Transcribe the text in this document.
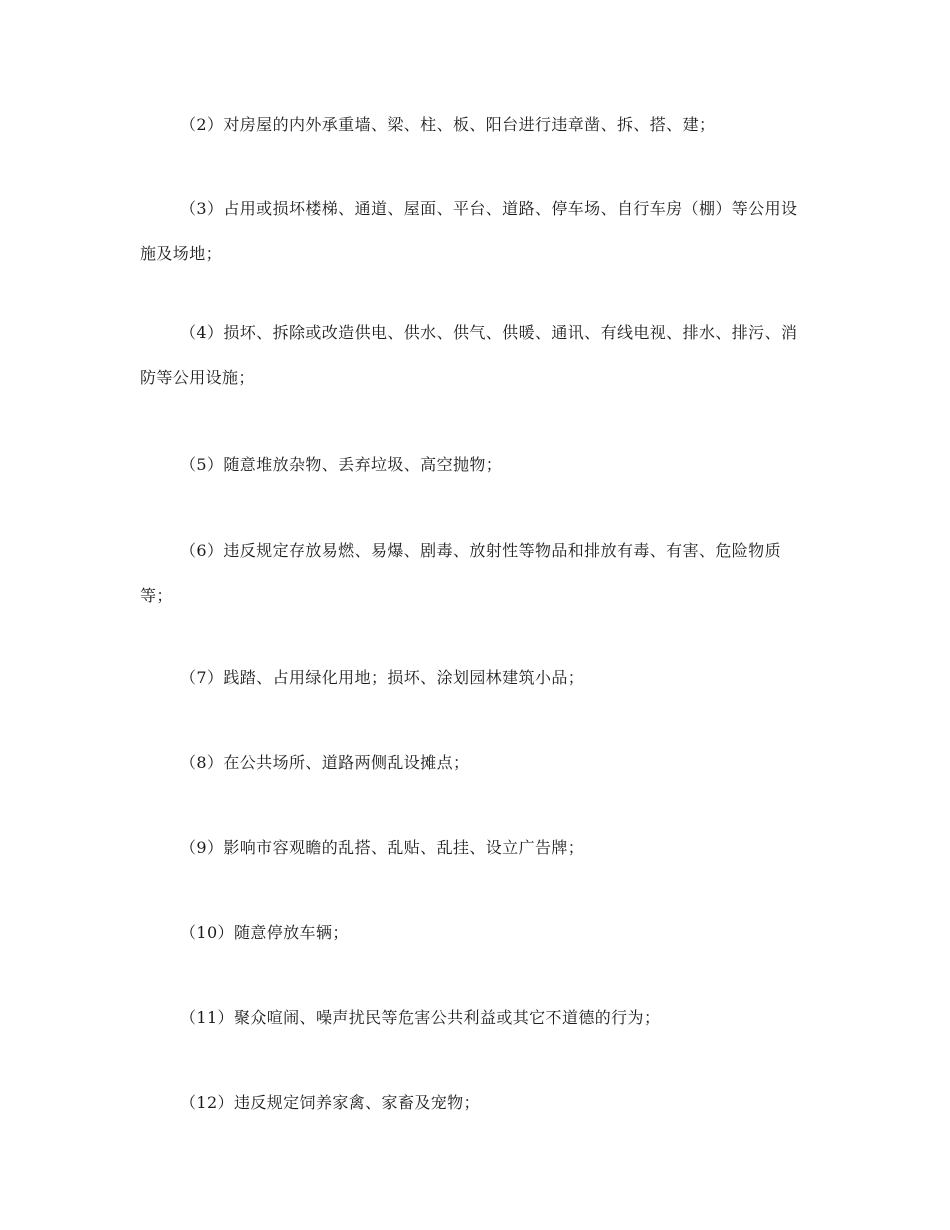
（2）对房屋的内外承重墙、梁、柱、板、阳台进行违章凿、拆、搭、建；

（3）占用或损坏楼梯、通道、屋面、平台、道路、停车场、自行车房（棚）等公用设施及场地；

（4）损坏、拆除或改造供电、供水、供气、供暖、通讯、有线电视、排水、排污、消防等公用设施；

（5）随意堆放杂物、丢弃垃圾、高空抛物；

（6）违反规定存放易燃、易爆、剧毒、放射性等物品和排放有毒、有害、危险物质等；

（7）践踏、占用绿化用地；损坏、涂划园林建筑小品；

（8）在公共场所、道路两侧乱设摊点；

（9）影响市容观瞻的乱搭、乱贴、乱挂、设立广告牌；

（10）随意停放车辆；

（11）聚众喧闹、噪声扰民等危害公共利益或其它不道德的行为；

（12）违反规定饲养家禽、家畜及宠物；
